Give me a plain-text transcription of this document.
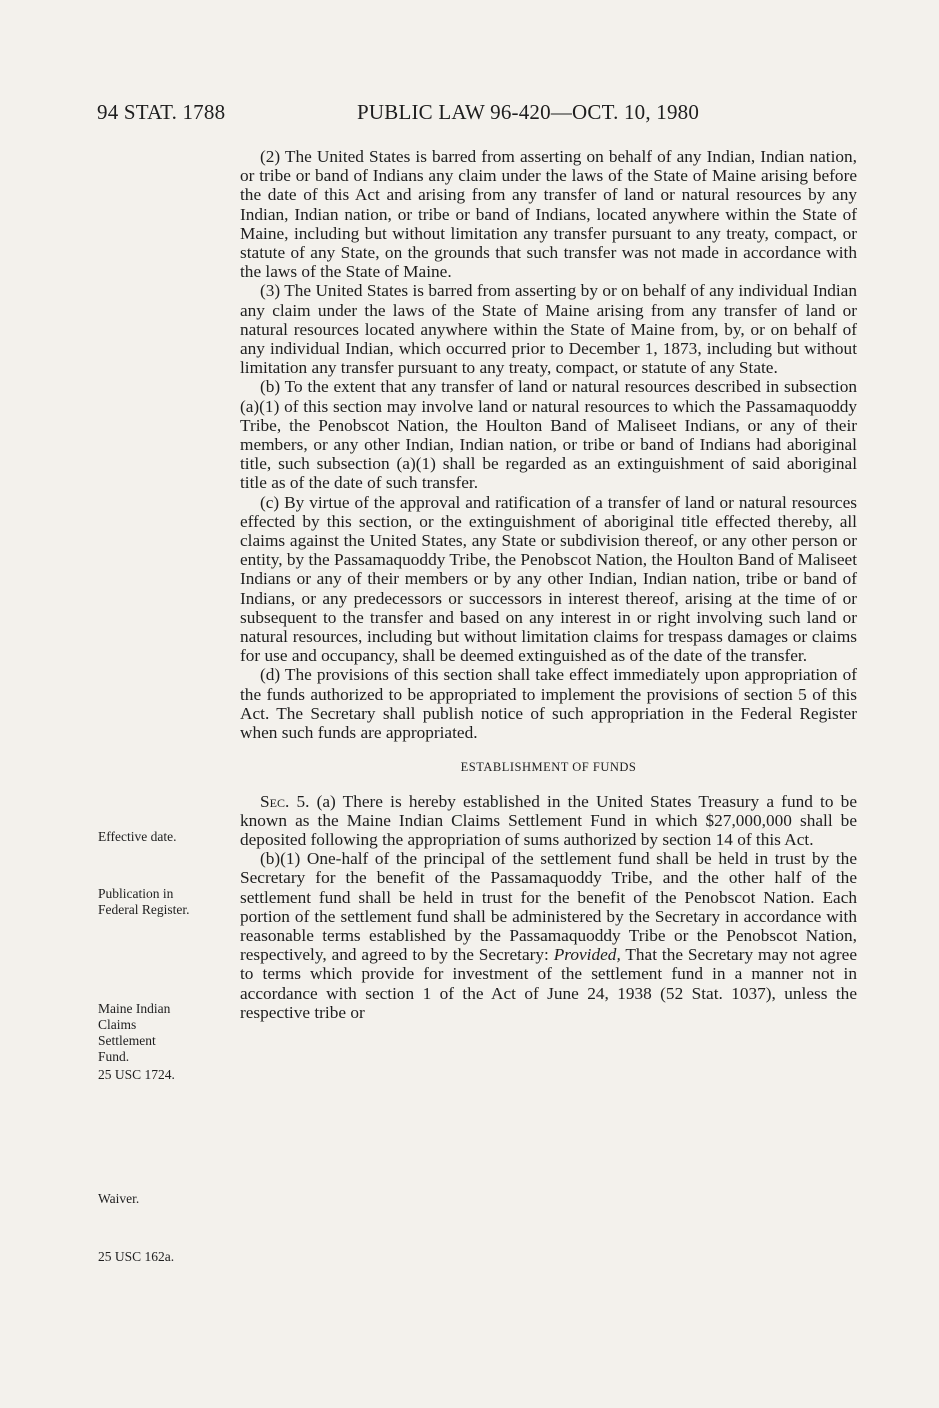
94 STAT. 1788	PUBLIC LAW 96-420—OCT. 10, 1980

(2) The United States is barred from asserting on behalf of any Indian, Indian nation, or tribe or band of Indians any claim under the laws of the State of Maine arising before the date of this Act and arising from any transfer of land or natural resources by any Indian, Indian nation, or tribe or band of Indians, located anywhere within the State of Maine, including but without limitation any transfer pursuant to any treaty, compact, or statute of any State, on the grounds that such transfer was not made in accordance with the laws of the State of Maine.

(3) The United States is barred from asserting by or on behalf of any individual Indian any claim under the laws of the State of Maine arising from any transfer of land or natural resources located anywhere within the State of Maine from, by, or on behalf of any individual Indian, which occurred prior to December 1, 1873, including but without limitation any transfer pursuant to any treaty, compact, or statute of any State.

(b) To the extent that any transfer of land or natural resources described in subsection (a)(1) of this section may involve land or natural resources to which the Passamaquoddy Tribe, the Penobscot Nation, the Houlton Band of Maliseet Indians, or any of their members, or any other Indian, Indian nation, or tribe or band of Indians had aboriginal title, such subsection (a)(1) shall be regarded as an extinguishment of said aboriginal title as of the date of such transfer.

(c) By virtue of the approval and ratification of a transfer of land or natural resources effected by this section, or the extinguishment of aboriginal title effected thereby, all claims against the United States, any State or subdivision thereof, or any other person or entity, by the Passamaquoddy Tribe, the Penobscot Nation, the Houlton Band of Maliseet Indians or any of their members or by any other Indian, Indian nation, tribe or band of Indians, or any predecessors or successors in interest thereof, arising at the time of or subsequent to the transfer and based on any interest in or right involving such land or natural resources, including but without limitation claims for trespass damages or claims for use and occupancy, shall be deemed extinguished as of the date of the transfer.

(d) The provisions of this section shall take effect immediately upon appropriation of the funds authorized to be appropriated to implement the provisions of section 5 of this Act. The Secretary shall publish notice of such appropriation in the Federal Register when such funds are appropriated.

ESTABLISHMENT OF FUNDS

Sec. 5. (a) There is hereby established in the United States Treasury a fund to be known as the Maine Indian Claims Settlement Fund in which $27,000,000 shall be deposited following the appropriation of sums authorized by section 14 of this Act.

(b)(1) One-half of the principal of the settlement fund shall be held in trust by the Secretary for the benefit of the Passamaquoddy Tribe, and the other half of the settlement fund shall be held in trust for the benefit of the Penobscot Nation. Each portion of the settlement fund shall be administered by the Secretary in accordance with reasonable terms established by the Passamaquoddy Tribe or the Penobscot Nation, respectively, and agreed to by the Secretary: Provided, That the Secretary may not agree to terms which provide for investment of the settlement fund in a manner not in accordance with section 1 of the Act of June 24, 1938 (52 Stat. 1037), unless the respective tribe or

Effective date.
Publication in Federal Register.
Maine Indian Claims Settlement Fund.
25 USC 1724.
Waiver.
25 USC 162a.
